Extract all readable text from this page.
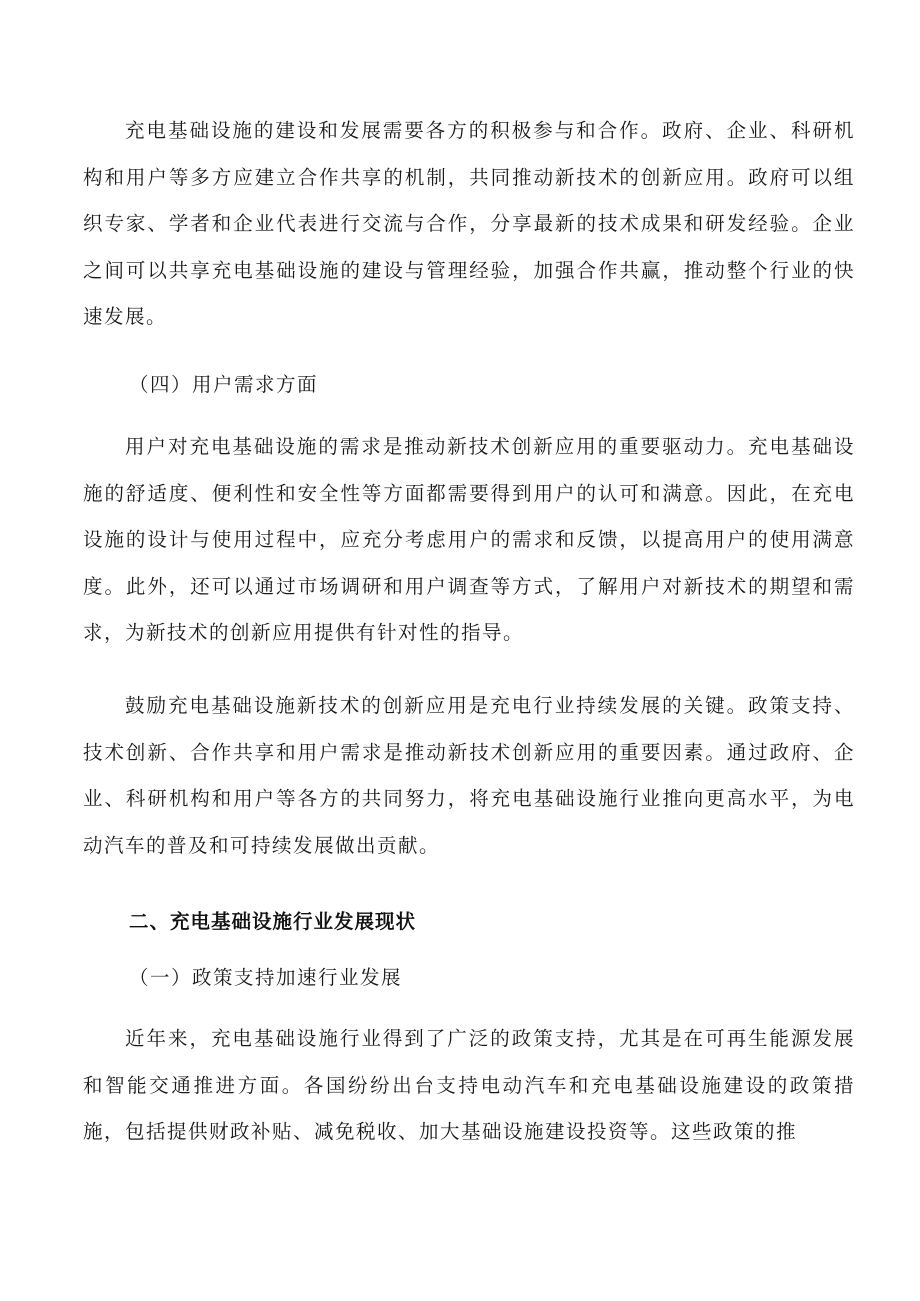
充电基础设施的建设和发展需要各方的积极参与和合作。政府、企业、科研机构和用户等多方应建立合作共享的机制，共同推动新技术的创新应用。政府可以组织专家、学者和企业代表进行交流与合作，分享最新的技术成果和研发经验。企业之间可以共享充电基础设施的建设与管理经验，加强合作共赢，推动整个行业的快速发展。

（四）用户需求方面

用户对充电基础设施的需求是推动新技术创新应用的重要驱动力。充电基础设施的舒适度、便利性和安全性等方面都需要得到用户的认可和满意。因此，在充电设施的设计与使用过程中，应充分考虑用户的需求和反馈，以提高用户的使用满意度。此外，还可以通过市场调研和用户调查等方式，了解用户对新技术的期望和需求，为新技术的创新应用提供有针对性的指导。

鼓励充电基础设施新技术的创新应用是充电行业持续发展的关键。政策支持、技术创新、合作共享和用户需求是推动新技术创新应用的重要因素。通过政府、企业、科研机构和用户等各方的共同努力，将充电基础设施行业推向更高水平，为电动汽车的普及和可持续发展做出贡献。

二、充电基础设施行业发展现状

（一）政策支持加速行业发展

近年来，充电基础设施行业得到了广泛的政策支持，尤其是在可再生能源发展和智能交通推进方面。各国纷纷出台支持电动汽车和充电基础设施建设的政策措施，包括提供财政补贴、减免税收、加大基础设施建设投资等。这些政策的推
